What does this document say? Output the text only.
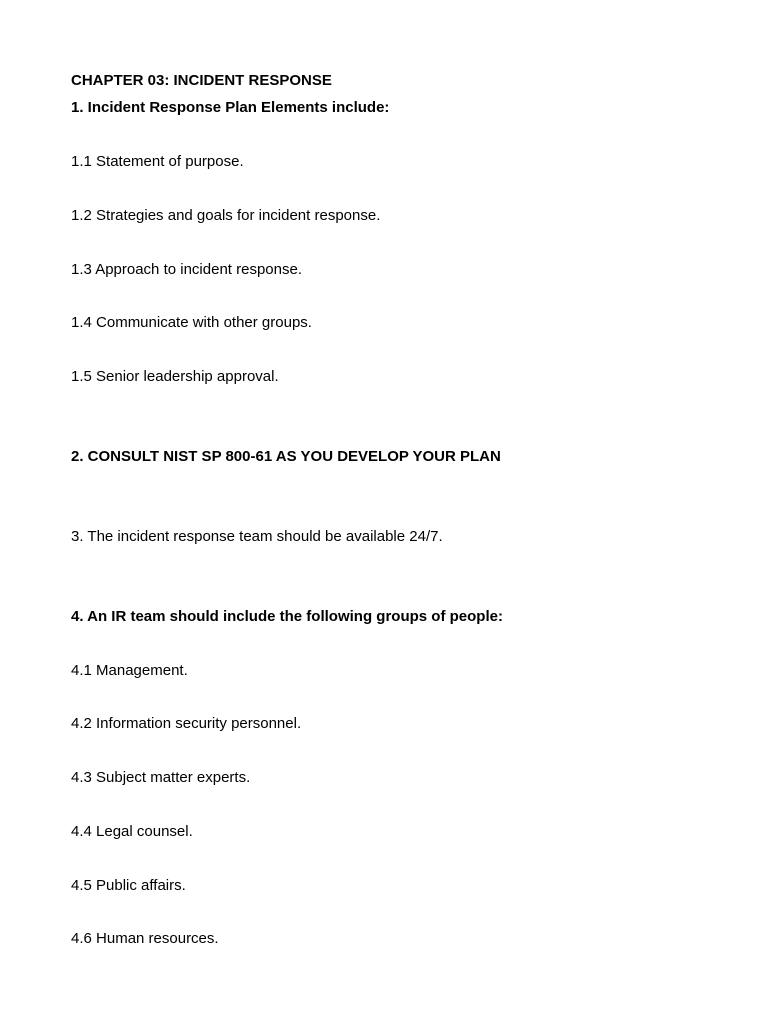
CHAPTER 03: INCIDENT RESPONSE
1. Incident Response Plan Elements include:
1.1 Statement of purpose.
1.2 Strategies and goals for incident response.
1.3 Approach to incident response.
1.4 Communicate with other groups.
1.5 Senior leadership approval.
2. CONSULT NIST SP 800-61 AS YOU DEVELOP YOUR PLAN
3. The incident response team should be available 24/7.
4. An IR team should include the following groups of people:
4.1 Management.
4.2 Information security personnel.
4.3 Subject matter experts.
4.4 Legal counsel.
4.5 Public affairs.
4.6 Human resources.
